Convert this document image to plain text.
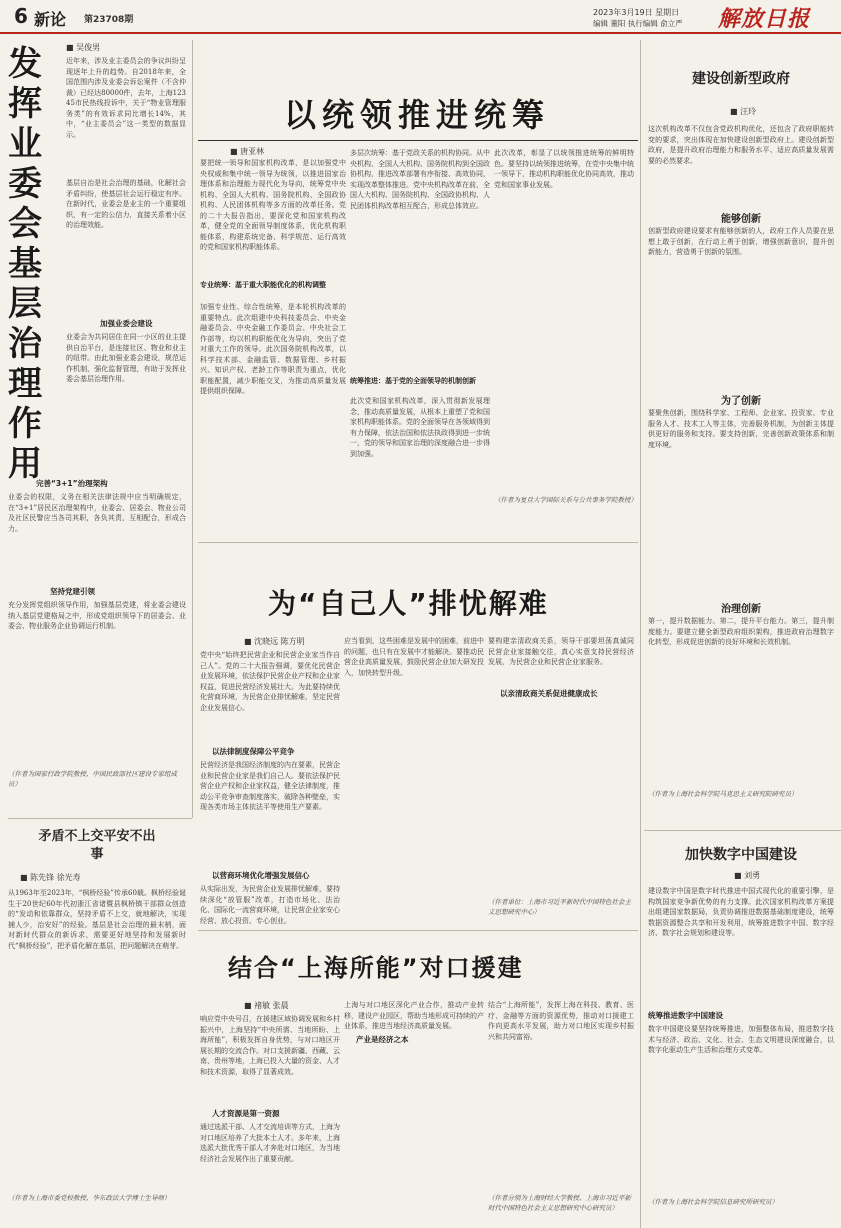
6 新论 第23708期
2023年3月19日 星期日
编辑 董阳 执行编辑 俞立严 解放日报
发挥业委会基层治理作用
■ 吴俊男
近年来，涉及业主委员会的争议纠纷呈现逐年上升的趋势。自2018年来，全国范围内涉及业委会诉讼案件（不含仲裁）已经达80000件，去年，上海12345市民热线投诉中，关于“物业管理服务类”的有效诉求同比增长14%，其中，“业主委员会”这一类型的数据显示。
基层自治是社会治理的基础，化解社会矛盾纠纷，使基层社会运行稳定有序。在新时代，业委会是业主的一个重要组织，有一定的公信力，直接关系着小区的治理效能。
加强业委会建设
业委会为共同居住在同一小区的业主提供自治平台，是连接社区、物业和业主的纽带。由此加强业委会建设，规范运作机制，强化监督管理，有助于发挥业委会基层治理作用。
完善“3+1”治理架构
业委会的权限，义务在相关法律法规中应当明确规定，在“3+1”居民区治理架构中，业委会、居委会、物业公司及社区民警应当各司其职，各负其责，互相配合，形成合力。
坚持党建引领
充分发挥党组织领导作用，加强基层党建，将业委会建设纳入基层党建格局之中，形成党组织领导下的居委会、业委会、物业服务企业协调运行机制。
（作者为国家行政学院教授、中国民政部社区建设专家组成员）
矛盾不上交平安不出事
■ 陈先锋 徐光寿
从1963年至2023年，“枫桥经验”传承60载。枫桥经验诞生于20世纪60年代初浙江省诸暨县枫桥镇干部群众创造的“发动和依靠群众，坚持矛盾不上交，就地解决，实现捕人少，治安好”的经验。基层是社会治理的最末梢，面对新时代群众的新诉求，需要更好地坚持和发展新时代“枫桥经验”，把矛盾化解在基层，把问题解决在萌芽。
（作者为上海市委党校教授、华东政法大学博士生导师）
以统领推进统筹
■ 唐亚林
要把统一领导和国家机构改革，是以加强党中央权威和集中统一领导为统领，以推进国家治理体系和治理能力现代化为导向，统筹党中央机构、全国人大机构、国务院机构、全国政协机构、人民团体机构等多方面的改革任务。党的二十大报告指出，要深化党和国家机构改革，健全党的全面领导制度体系，优化机构职能体系，构建系统完备、科学规范、运行高效的党和国家机构职能体系。
专业统筹：基于重大职能优化的机构调整
加强专业性、综合性统筹，是本轮机构改革的重要特点。此次组建中央科技委员会、中央金融委员会、中央金融工作委员会、中央社会工作部等，均以机构职能优化为导向，突出了党对重大工作的领导。此次国务院机构改革，以科学技术部、金融监管、数据管理、乡村振兴、知识产权、老龄工作等职责为重点，优化职能配置，减少职能交叉，为推动高质量发展提供组织保障。
多层次统筹：基于党政关系的机构协同。从中央机构、全国人大机构、国务院机构到全国政协机构，推进改革部署有序衔接、高效协同，实现改革整体推进。党中央机构改革在前，全国人大机构、国务院机构、全国政协机构、人民团体机构改革相互配合，形成总体效应。
统筹推进：基于党的全面领导的机制创新
此次党和国家机构改革，深入贯彻新发展理念，推动高质量发展，从根本上重塑了党和国家机构职能体系。党的全面领导在各领域得到有力保障，依法治国和依法执政得到进一步统一，党的领导和国家治理的深度融合进一步得到加强。
此次改革，彰显了以统领推进统筹的鲜明特色。要坚持以统领推进统筹，在党中央集中统一领导下，推动机构职能优化协同高效，推动党和国家事业发展。
（作者为复旦大学国际关系与公共事务学院教授）
建设创新型政府
■ 汪玲
这次机构改革不仅包含党政机构优化，还包含了政府职能转变的要求，突出体现在加快建设创新型政府上。建设创新型政府，是提升政府治理能力和服务水平、适应高质量发展需要的必然要求。
能够创新
创新型政府建设要求有能够创新的人，政府工作人员要在思想上敢于创新，在行动上勇于创新，增强创新意识，提升创新能力，营造勇于创新的氛围。
为了创新
要聚焦创新，围绕科学家、工程师、企业家、投资家、专业服务人才、技术工人等主体，完善服务机制，为创新主体提供更好的服务和支持。要支持创新，完善创新政策体系和制度环境。
治理创新
第一，提升数据能力。第二，提升平台能力。第三，提升制度能力。要建立健全新型政府组织架构，推进政府治理数字化转型，形成促进创新的良好环境和长效机制。
（作者为上海社会科学院马克思主义研究院研究员）
加快数字中国建设
■ 刘勇
建设数字中国是数字时代推进中国式现代化的重要引擎，是构筑国家竞争新优势的有力支撑。此次国家机构改革方案提出组建国家数据局，负责协调推进数据基础制度建设，统筹数据资源整合共享和开发利用，统筹推进数字中国、数字经济、数字社会规划和建设等。
统筹推进数字中国建设
数字中国建设要坚持统筹推进，加强整体布局，推进数字技术与经济、政治、文化、社会、生态文明建设深度融合，以数字化驱动生产生活和治理方式变革。
（作者为上海社会科学院信息研究所研究员）
为“自己人”排忧解难
■ 沈晓远 陈方明
党中央“始终把民营企业和民营企业家当作自己人”。党的二十大报告强调，要优化民营企业发展环境，依法保护民营企业产权和企业家权益，促进民营经济发展壮大。为此要持续优化营商环境，为民营企业排忧解难，坚定民营企业发展信心。
以法律制度保障公平竞争
民营经济是我国经济制度的内在要素，民营企业和民营企业家是我们自己人。要依法保护民营企业产权和企业家权益，健全法律制度，推动公平竞争审查制度落实，破除各种壁垒，实现各类市场主体依法平等使用生产要素。
以营商环境优化增强发展信心
从实际出发，为民营企业发展排忧解难，要持续深化“放管服”改革，打造市场化、法治化、国际化一流营商环境，让民营企业家安心经营、放心投资、专心创业。
应当看到，这些困难是发展中的困难，前进中的问题，也只有在发展中才能解决。要推动民营企业高质量发展，鼓励民营企业加大研发投入，加快转型升级。
以亲清政商关系促进健康成长
要构建亲清政商关系，领导干部要坦荡真诚同民营企业家接触交往，真心实意支持民营经济发展，为民营企业和民营企业家服务。
（作者单位：上海市习近平新时代中国特色社会主义思想研究中心）
结合“上海所能”对口援建
■ 褚敏 张晨
响应党中央号召，在援建区域协调发展和乡村振兴中，上海坚持“中央所需、当地所盼、上海所能”，积极发挥自身优势，与对口地区开展长期的交流合作。对口支援新疆、西藏、云南、贵州等地，上海已投入大量的资金、人才和技术资源，取得了显著成效。
人才资源是第一资源
通过选派干部、人才交流培训等方式，上海为对口地区培养了大批本土人才。多年来，上海选派大批优秀干部人才奔赴对口地区，为当地经济社会发展作出了重要贡献。
产业是经济之本
上海与对口地区深化产业合作，推动产业转移，建设产业园区，帮助当地形成可持续的产业体系，推进当地经济高质量发展。
结合“上海所能”，发挥上海在科技、教育、医疗、金融等方面的资源优势，推动对口援建工作向更高水平发展，助力对口地区实现乡村振兴和共同富裕。
（作者分别为上海财经大学教授、上海市习近平新时代中国特色社会主义思想研究中心研究员）
